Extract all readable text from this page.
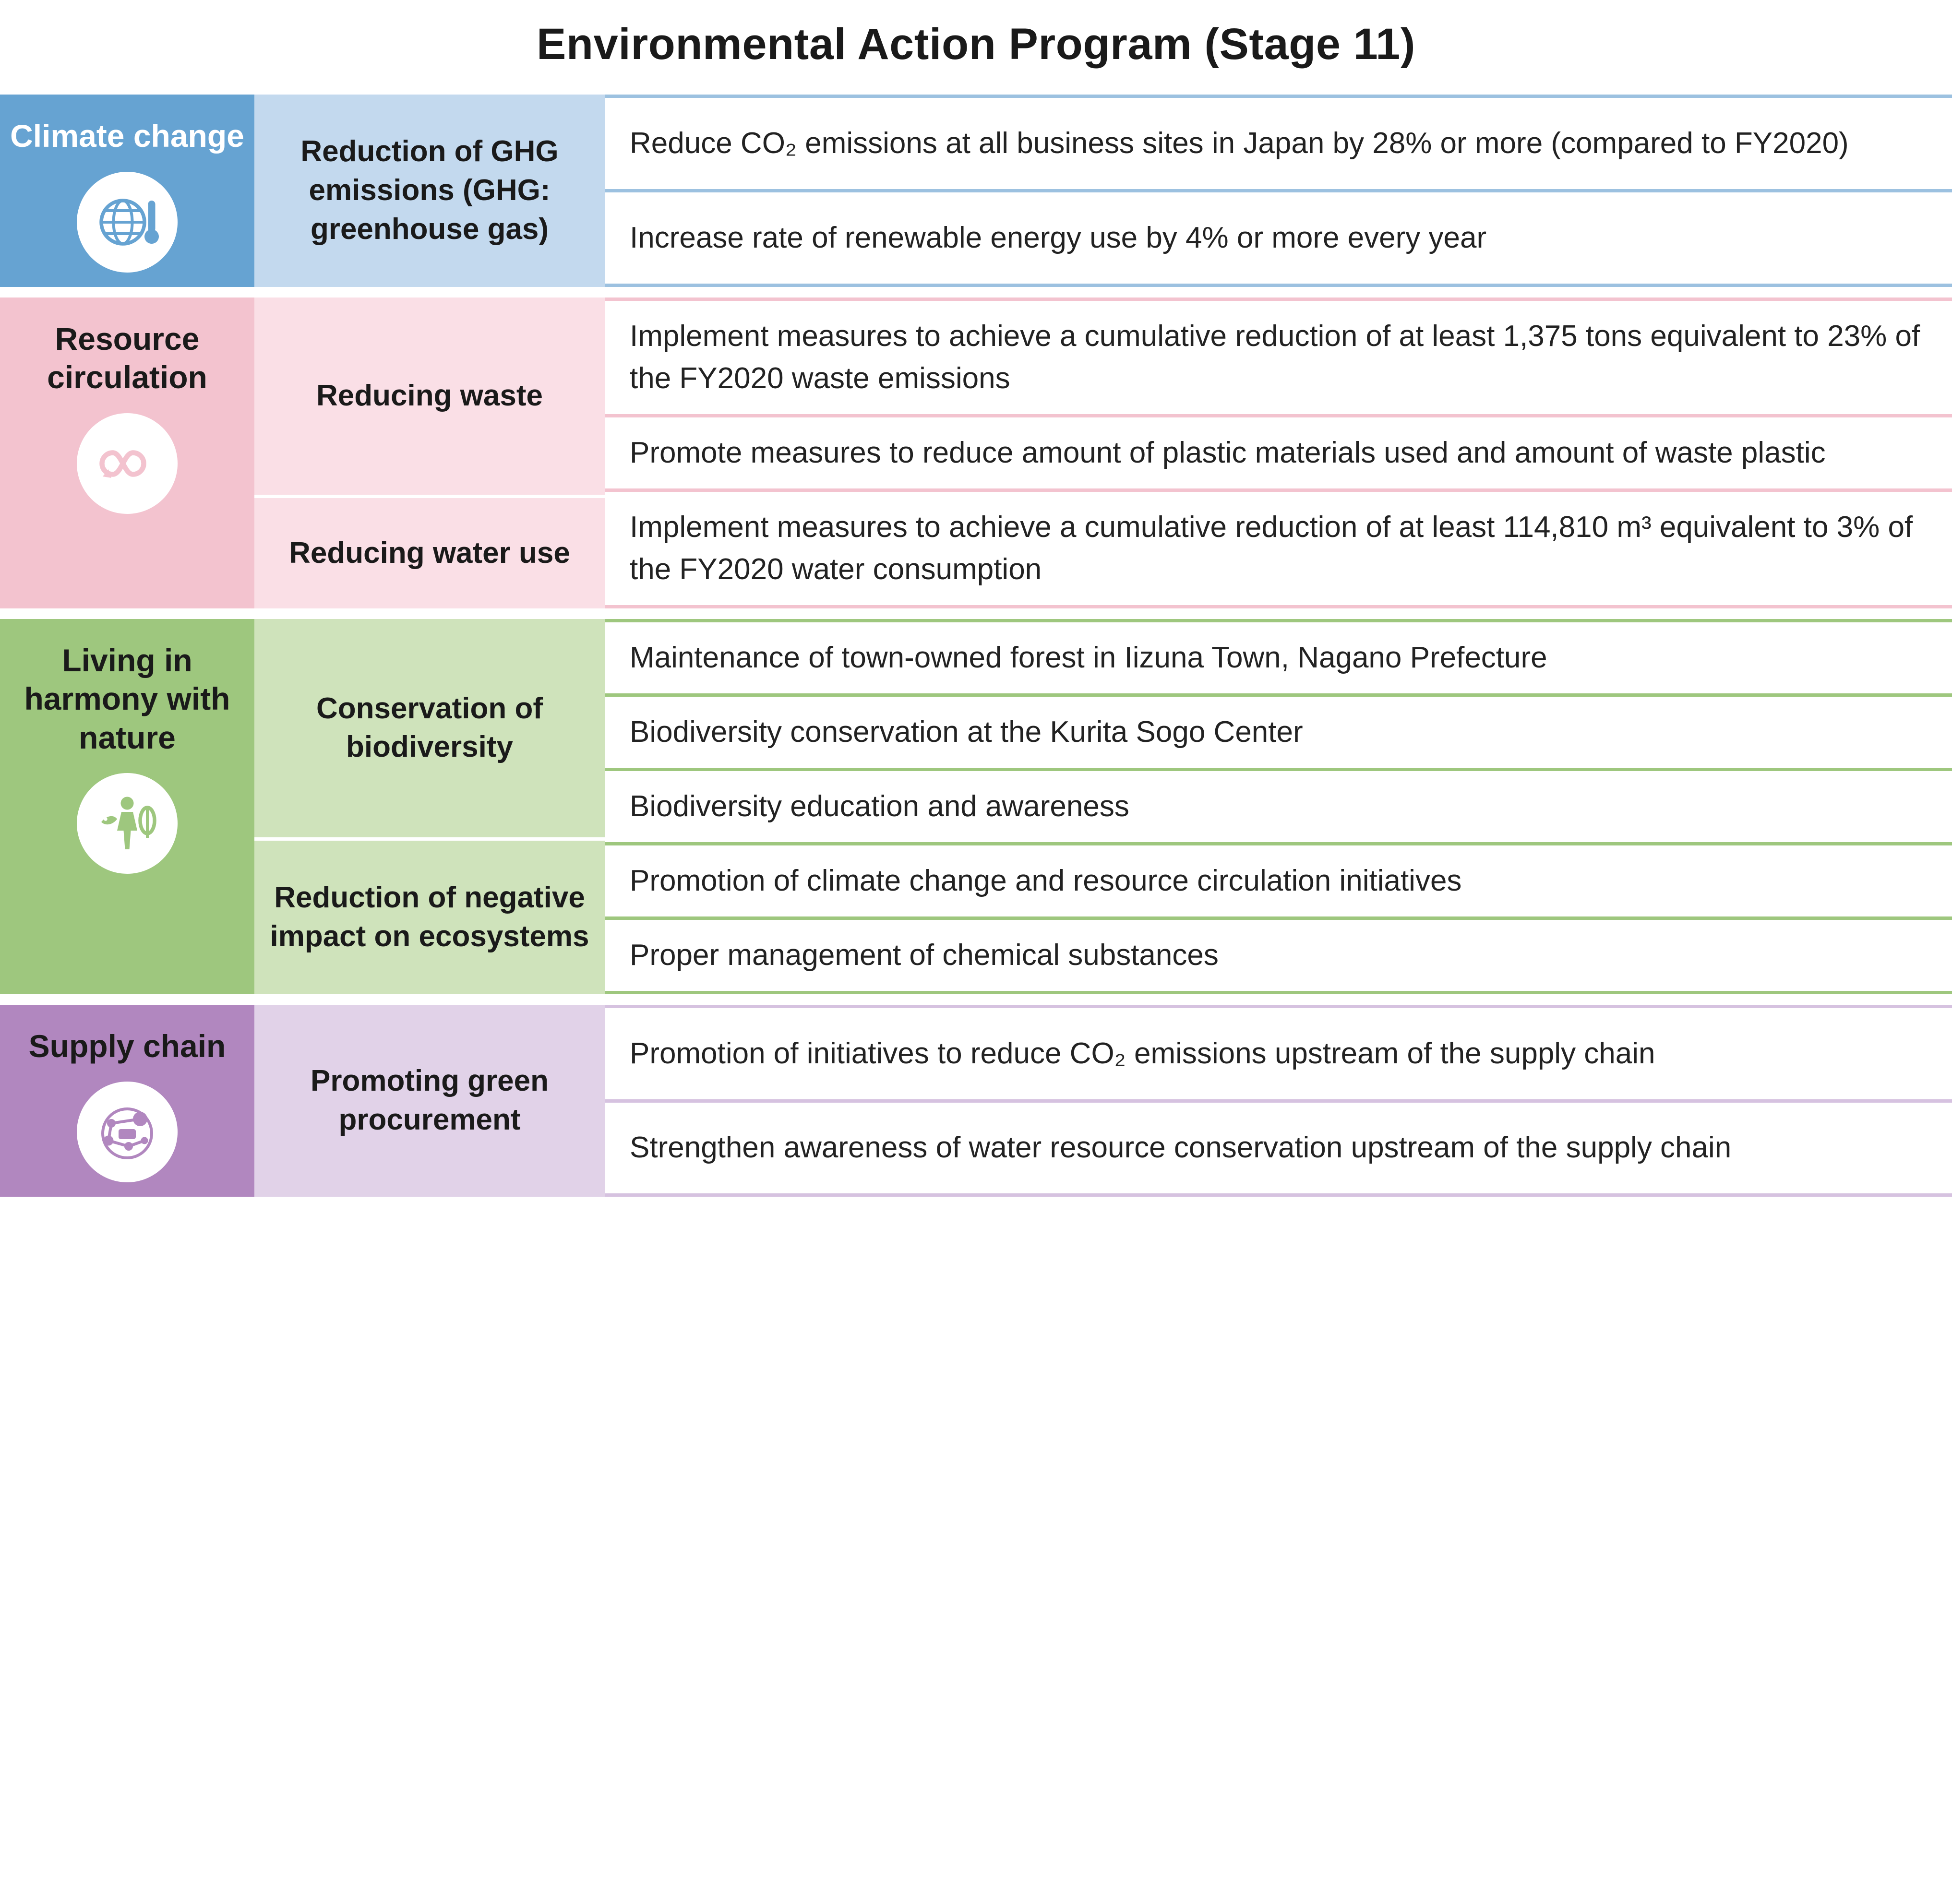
Environmental Action Program (Stage 11)
Climate change	Reduction of GHG emissions (GHG: greenhouse gas)
Reduce CO₂ emissions at all business sites in Japan by 28% or more (compared to FY2020)
Increase rate of renewable energy use by 4% or more every year
Resource circulation
Reducing waste
Reducing water use
Implement measures to achieve a cumulative reduction of at least 1,375 tons equivalent to 23% of the FY2020 waste emissions
Promote measures to reduce amount of plastic materials used and amount of waste plastic
Implement measures to achieve a cumulative reduction of at least 114,810 m³ equivalent to 3% of the FY2020 water consumption
Living in harmony with nature
Conservation of biodiversity
Reduction of negative impact on ecosystems
Maintenance of town-owned forest in Iizuna Town, Nagano Prefecture
Biodiversity conservation at the Kurita Sogo Center
Biodiversity education and awareness
Promotion of climate change and resource circulation initiatives
Proper management of chemical substances
Supply chain
Promoting green procurement
Promotion of initiatives to reduce CO₂ emissions upstream of the supply chain
Strengthen awareness of water resource conservation upstream of the supply chain
